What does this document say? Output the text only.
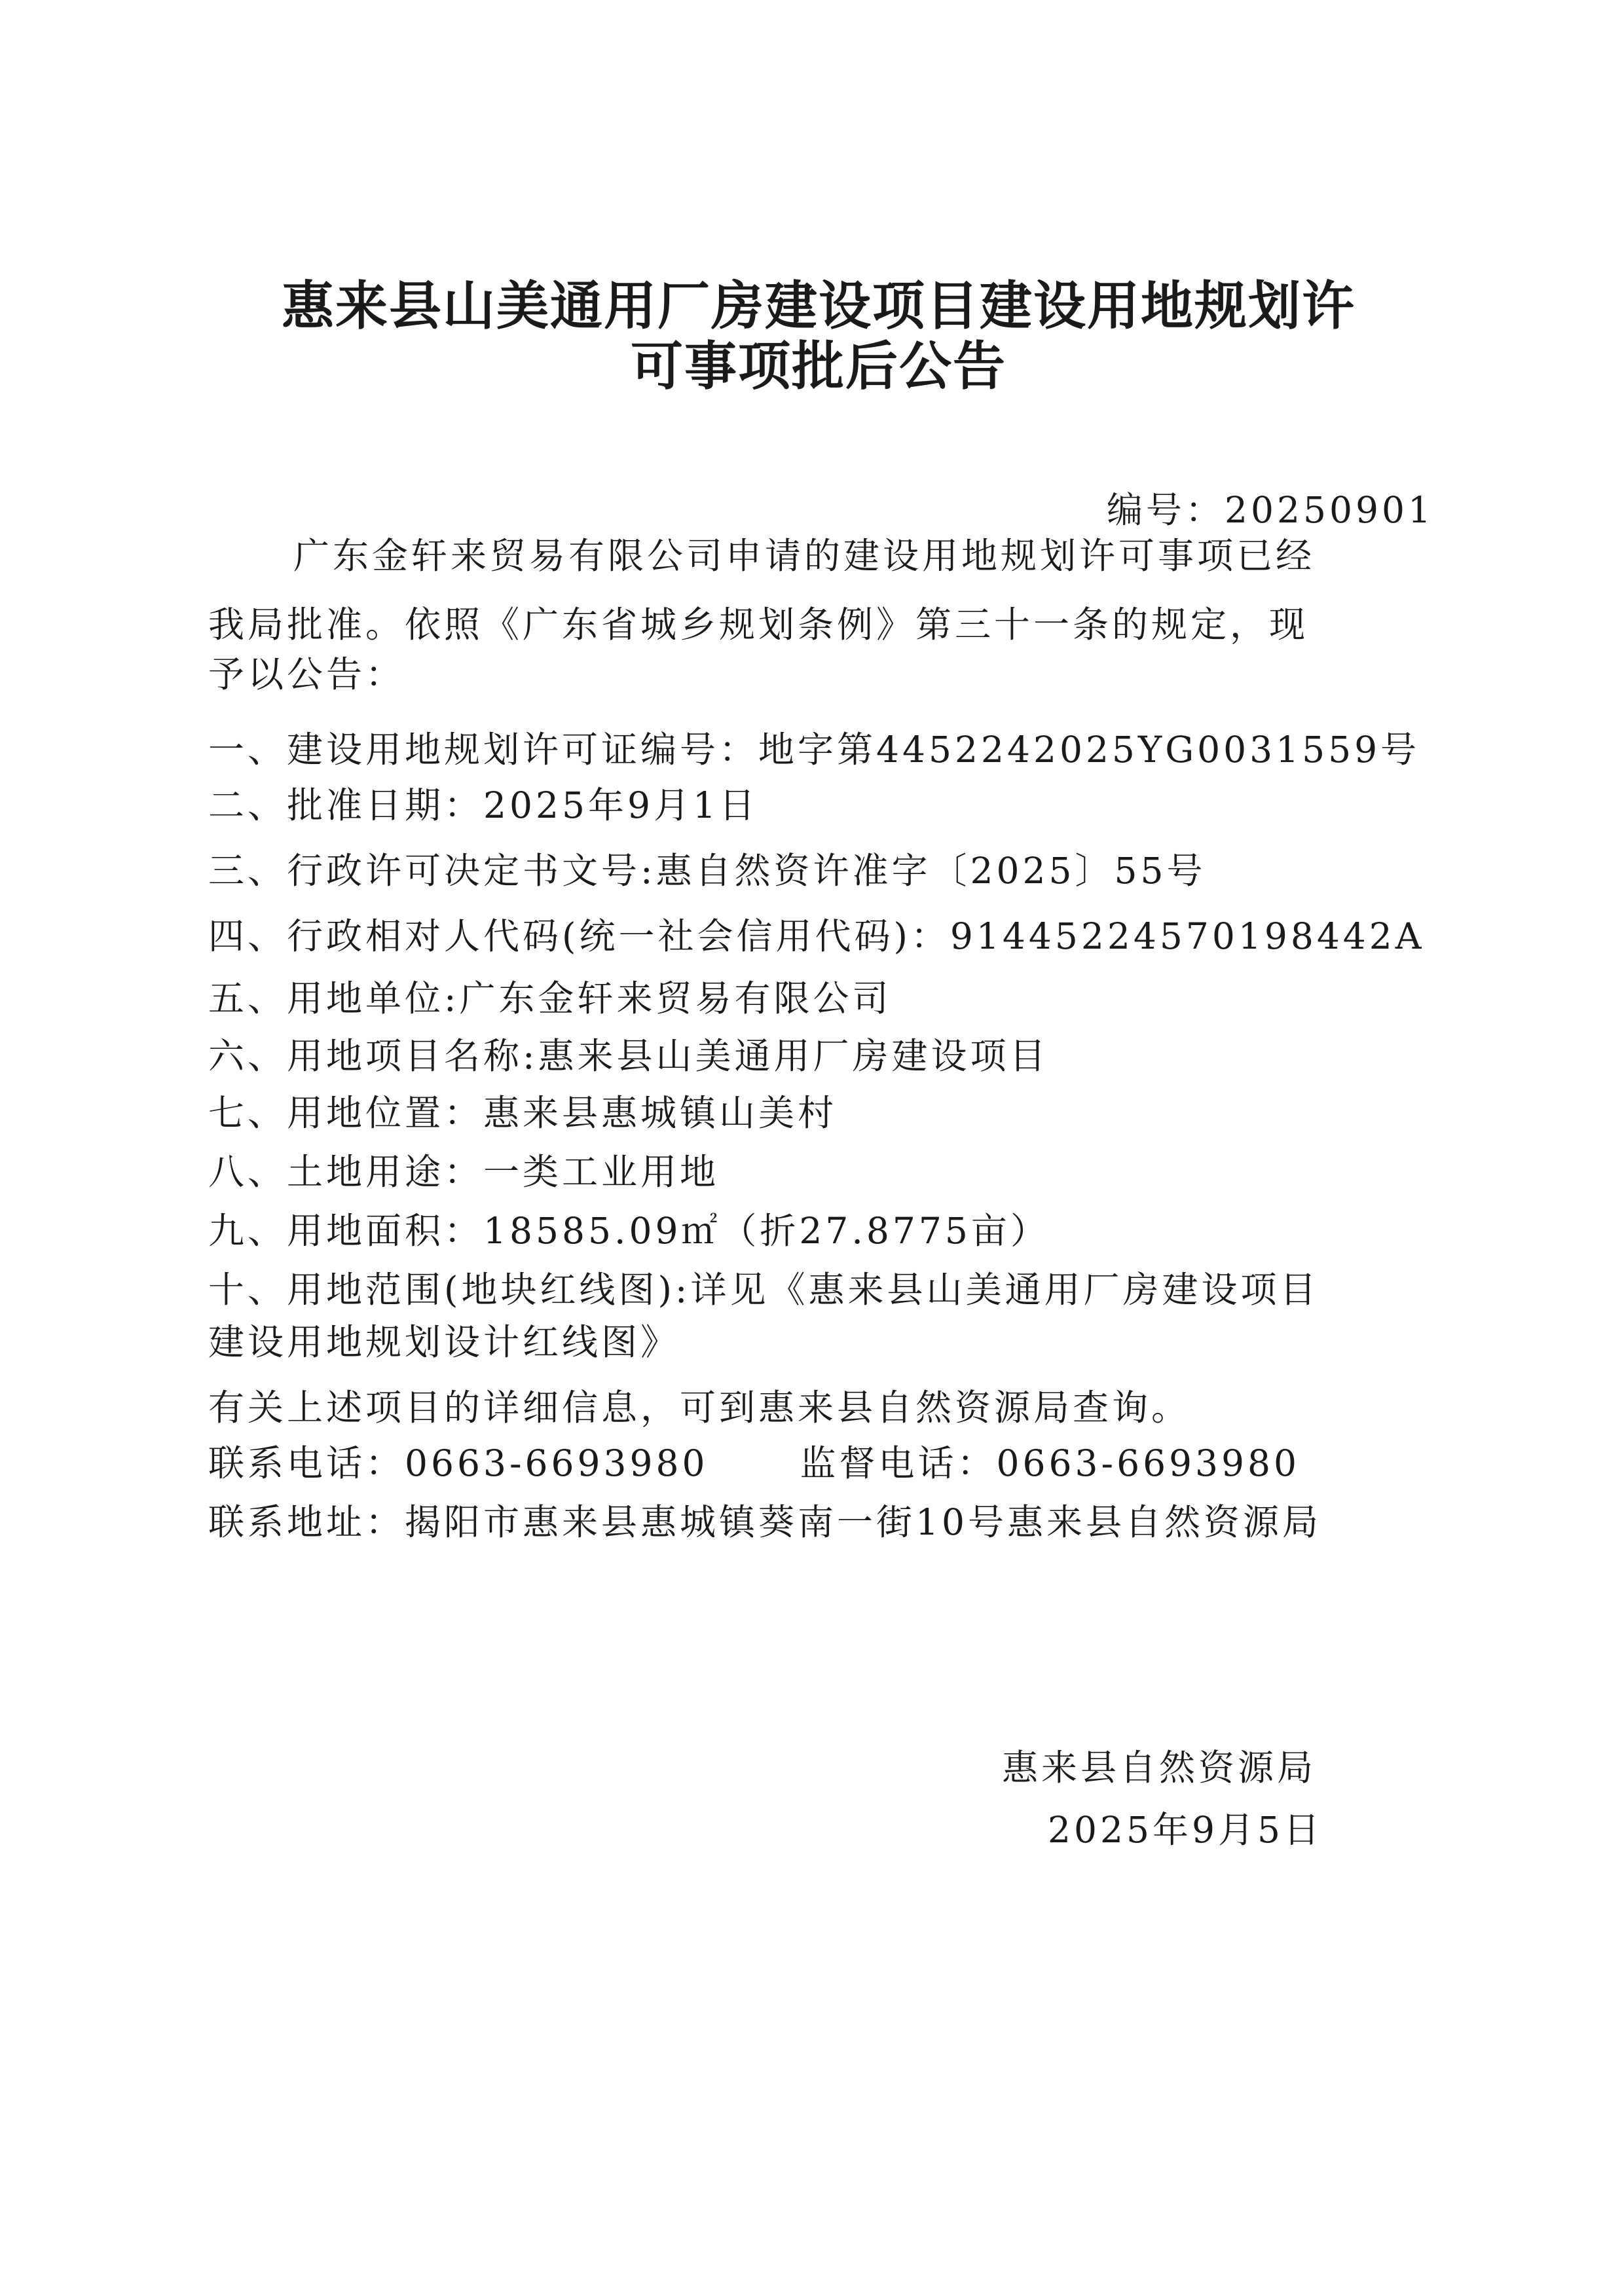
惠来县山美通用厂房建设项目建设用地规划许
可事项批后公告
编号：20250901
广东金轩来贸易有限公司申请的建设用地规划许可事项已经
我局批准。依照《广东省城乡规划条例》第三十一条的规定，现
予以公告：
一、建设用地规划许可证编号：地字第4452242025YG0031559号
二、批准日期：2025年9月1日
三、行政许可决定书文号:惠自然资许准字〔2025〕55号
四、行政相对人代码(统一社会信用代码)：91445224570198442A
五、用地单位:广东金轩来贸易有限公司
六、用地项目名称:惠来县山美通用厂房建设项目
七、用地位置：惠来县惠城镇山美村
八、土地用途：一类工业用地
九、用地面积：18585.09㎡（折27.8775亩）
十、用地范围(地块红线图):详见《惠来县山美通用厂房建设项目
建设用地规划设计红线图》
有关上述项目的详细信息，可到惠来县自然资源局查询。
联系电话：0663-6693980	监督电话：0663-6693980
联系地址：揭阳市惠来县惠城镇葵南一街10号惠来县自然资源局
惠来县自然资源局
2025年9月5日
